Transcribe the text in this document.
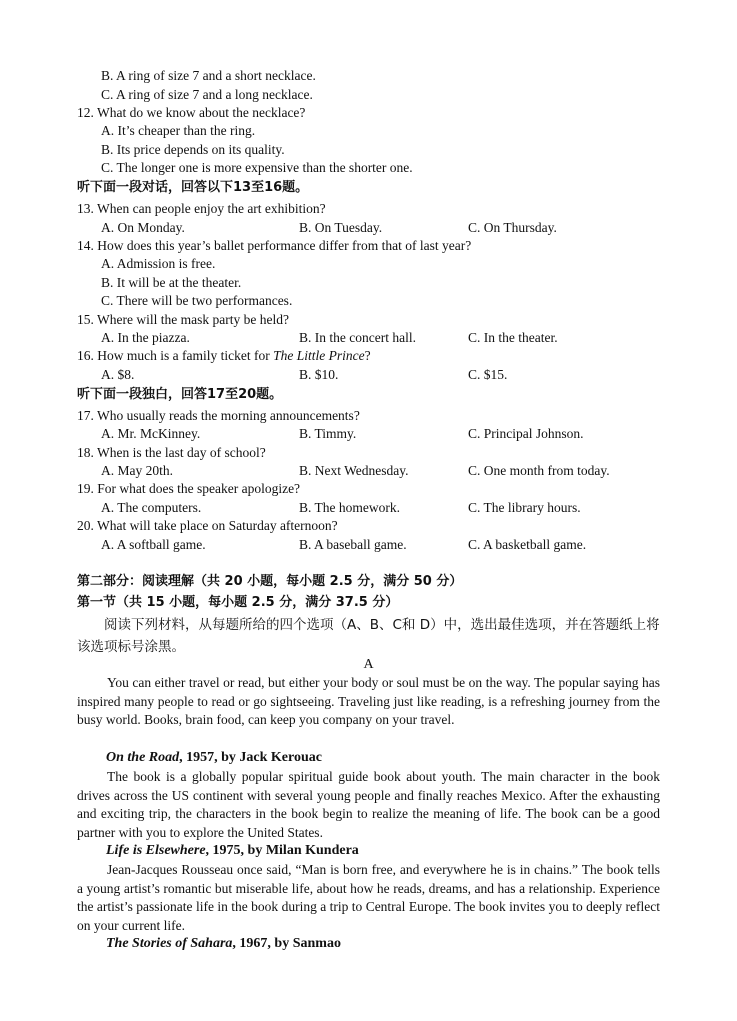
B. A ring of size 7 and a short necklace.
C. A ring of size 7 and a long necklace.
12. What do we know about the necklace?
A. It’s cheaper than the ring.
B. Its price depends on its quality.
C. The longer one is more expensive than the shorter one.
听下面一段对话，回答以下13至16题。
13. When can people enjoy the art exhibition?
A. On Monday.	B. On Tuesday.	C. On Thursday.
14. How does this year’s ballet performance differ from that of last year?
A. Admission is free.
B. It will be at the theater.
C. There will be two performances.
15. Where will the mask party be held?
A. In the piazza.	B. In the concert hall.	C. In the theater.
16. How much is a family ticket for The Little Prince?
A. $8.	B. $10.	C. $15.
听下面一段独白，回答17至20题。
17. Who usually reads the morning announcements?
A. Mr. McKinney.	B. Timmy.	C. Principal Johnson.
18. When is the last day of school?
A. May 20th.	B. Next Wednesday.	C. One month from today.
19. For what does the speaker apologize?
A. The computers.	B. The homework.	C. The library hours.
20. What will take place on Saturday afternoon?
A. A softball game.	B. A baseball game.	C. A basketball game.
第二部分：阅读理解（共 20 小题，每小题 2.5 分，满分 50 分）
第一节（共 15 小题，每小题 2.5 分，满分 37.5 分）
阅读下列材料，从每题所给的四个选项（A、B、C和 D）中，选出最佳选项，并在答题纸上将该选项标号涂黑。
A
You can either travel or read, but either your body or soul must be on the way. The popular saying has inspired many people to read or go sightseeing. Traveling just like reading, is a refreshing journey from the busy world. Books, brain food, can keep you company on your travel.
On the Road, 1957, by Jack Kerouac
The book is a globally popular spiritual guide book about youth. The main character in the book drives across the US continent with several young people and finally reaches Mexico. After the exhausting and exciting trip, the characters in the book begin to realize the meaning of life. The book can be a good partner with you to explore the United States.
Life is Elsewhere, 1975, by Milan Kundera
Jean-Jacques Rousseau once said, “Man is born free, and everywhere he is in chains.” The book tells a young artist’s romantic but miserable life, about how he reads, dreams, and has a relationship. Experience the artist’s passionate life in the book during a trip to Central Europe. The book invites you to deeply reflect on your current life.
The Stories of Sahara, 1967, by Sanmao
